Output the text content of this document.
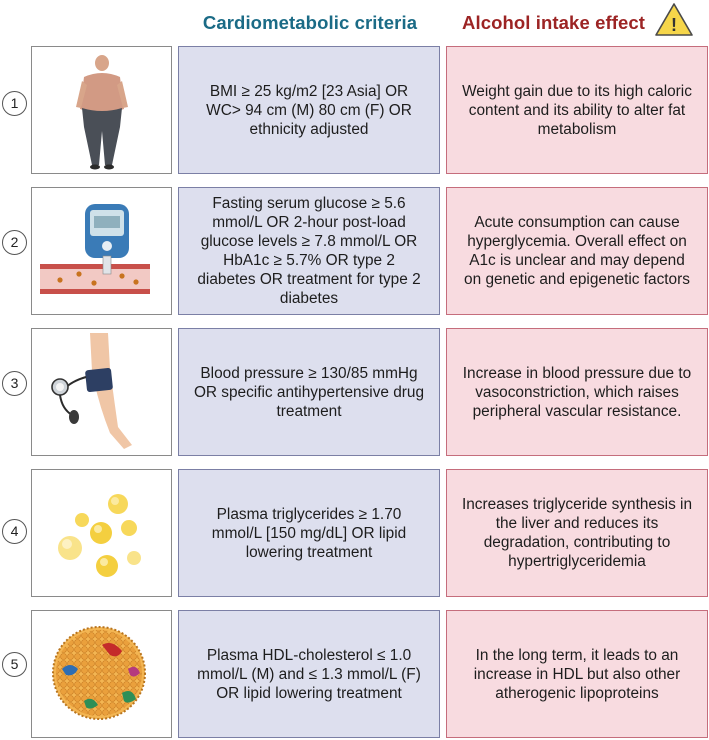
Cardiometabolic criteria	Alcohol intake effect	!
1
BMI ≥ 25 kg/m2 [23 Asia] OR WC> 94 cm (M) 80 cm (F) OR ethnicity adjusted
Weight gain due to its high caloric content and its ability to alter fat metabolism
2
Fasting serum glucose ≥ 5.6 mmol/L OR 2-hour post-load glucose levels ≥ 7.8 mmol/L OR HbA1c ≥ 5.7% OR type 2 diabetes OR treatment for type 2 diabetes
Acute consumption can cause hyperglycemia. Overall effect on A1c is unclear and may depend on genetic and epigenetic factors
3
Blood pressure ≥ 130/85 mmHg OR specific antihypertensive drug treatment
Increase in blood pressure due to vasoconstriction, which raises peripheral vascular resistance.
4
Plasma triglycerides ≥ 1.70 mmol/L [150 mg/dL] OR lipid lowering treatment
Increases triglyceride synthesis in the liver and reduces its degradation, contributing to hypertriglyceridemia
5
Plasma HDL-cholesterol ≤ 1.0 mmol/L (M) and ≤ 1.3 mmol/L (F) OR lipid lowering treatment
In the long term, it leads to an increase in HDL but also other atherogenic lipoproteins
